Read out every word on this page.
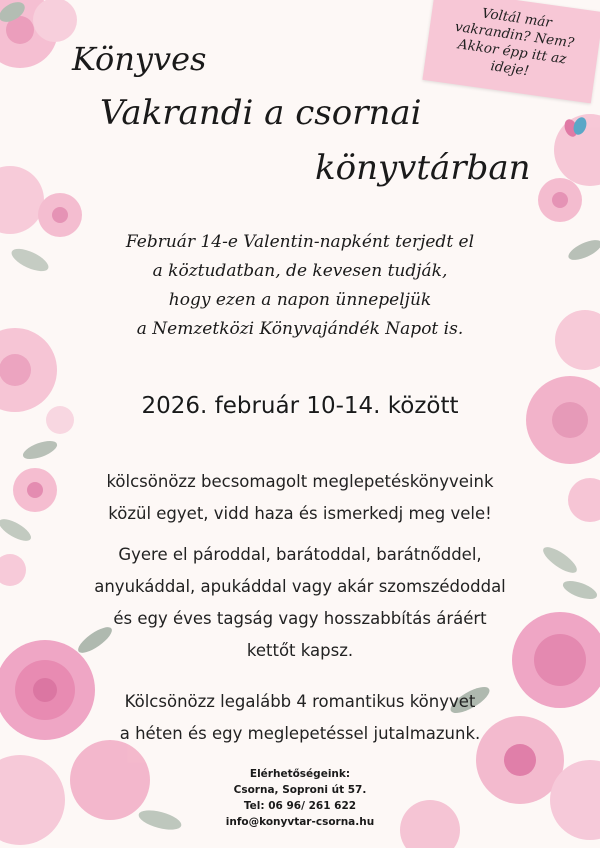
Voltál már
vakrandin? Nem?
Akkor épp itt az
ideje!
Könyves
Vakrandi a csornai
könyvtárban
Február 14-e Valentin-napként terjedt el
a köztudatban, de kevesen tudják,
hogy ezen a napon ünnepeljük
a Nemzetközi Könyvajándék Napot is.
2026. február 10-14. között
kölcsönözz becsomagolt meglepetéskönyveink
közül egyet, vidd haza és ismerkedj meg vele!
Gyere el pároddal, barátoddal, barátnőddel,
anyukáddal, apukáddal vagy akár szomszédoddal
és egy éves tagság vagy hosszabbítás áráért
kettőt kapsz.
Kölcsönözz legalább 4 romantikus könyvet
a héten és egy meglepetéssel jutalmazunk.
Elérhetőségeink:
Csorna, Soproni út 57.
Tel: 06 96/ 261 622
info@konyvtar-csorna.hu
